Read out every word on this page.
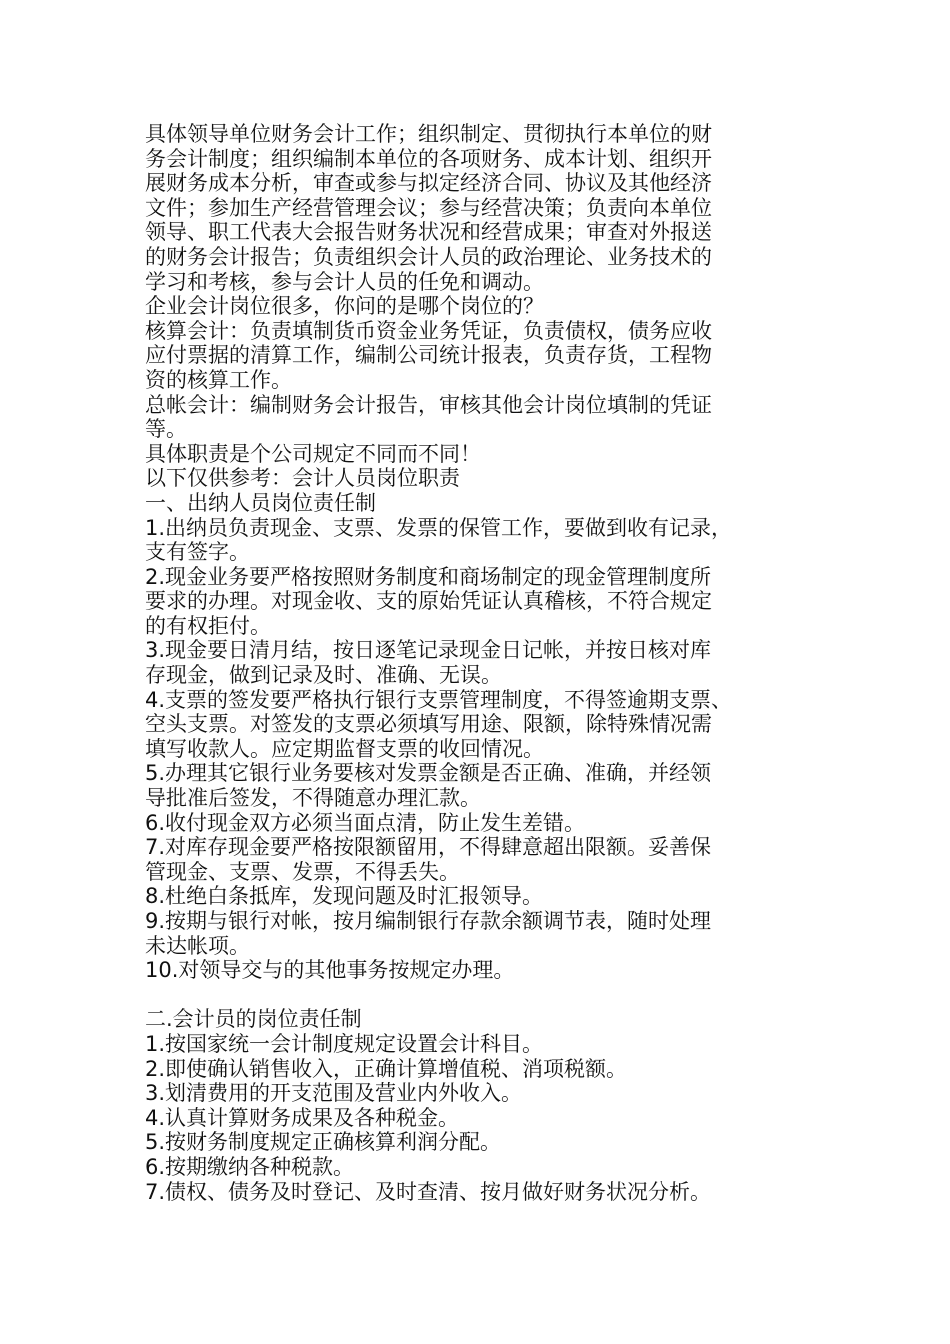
具体领导单位财务会计工作；组织制定、贯彻执行本单位的财
务会计制度；组织编制本单位的各项财务、成本计划、组织开
展财务成本分析，审查或参与拟定经济合同、协议及其他经济
文件；参加生产经营管理会议；参与经营决策；负责向本单位
领导、职工代表大会报告财务状况和经营成果；审查对外报送
的财务会计报告；负责组织会计人员的政治理论、业务技术的
学习和考核，参与会计人员的任免和调动。
企业会计岗位很多，你问的是哪个岗位的？
核算会计：负责填制货币资金业务凭证，负责债权，债务应收
应付票据的清算工作，编制公司统计报表，负责存货，工程物
资的核算工作。
总帐会计：编制财务会计报告，审核其他会计岗位填制的凭证
等。
具体职责是个公司规定不同而不同！
以下仅供参考：会计人员岗位职责
一、出纳人员岗位责任制
1.出纳员负责现金、支票、发票的保管工作，要做到收有记录，
支有签字。
2.现金业务要严格按照财务制度和商场制定的现金管理制度所
要求的办理。对现金收、支的原始凭证认真稽核，不符合规定
的有权拒付。
3.现金要日清月结，按日逐笔记录现金日记帐，并按日核对库
存现金，做到记录及时、准确、无误。
4.支票的签发要严格执行银行支票管理制度，不得签逾期支票、
空头支票。对签发的支票必须填写用途、限额，除特殊情况需
填写收款人。应定期监督支票的收回情况。
5.办理其它银行业务要核对发票金额是否正确、准确，并经领
导批准后签发，不得随意办理汇款。
6.收付现金双方必须当面点清，防止发生差错。
7.对库存现金要严格按限额留用，不得肆意超出限额。妥善保
管现金、支票、发票，不得丢失。
8.杜绝白条抵库，发现问题及时汇报领导。
9.按期与银行对帐，按月编制银行存款余额调节表，随时处理
未达帐项。
10.对领导交与的其他事务按规定办理。
二.会计员的岗位责任制
1.按国家统一会计制度规定设置会计科目。
2.即使确认销售收入，正确计算增值税、消项税额。
3.划清费用的开支范围及营业内外收入。
4.认真计算财务成果及各种税金。
5.按财务制度规定正确核算利润分配。
6.按期缴纳各种税款。
7.债权、债务及时登记、及时查清、按月做好财务状况分析。
